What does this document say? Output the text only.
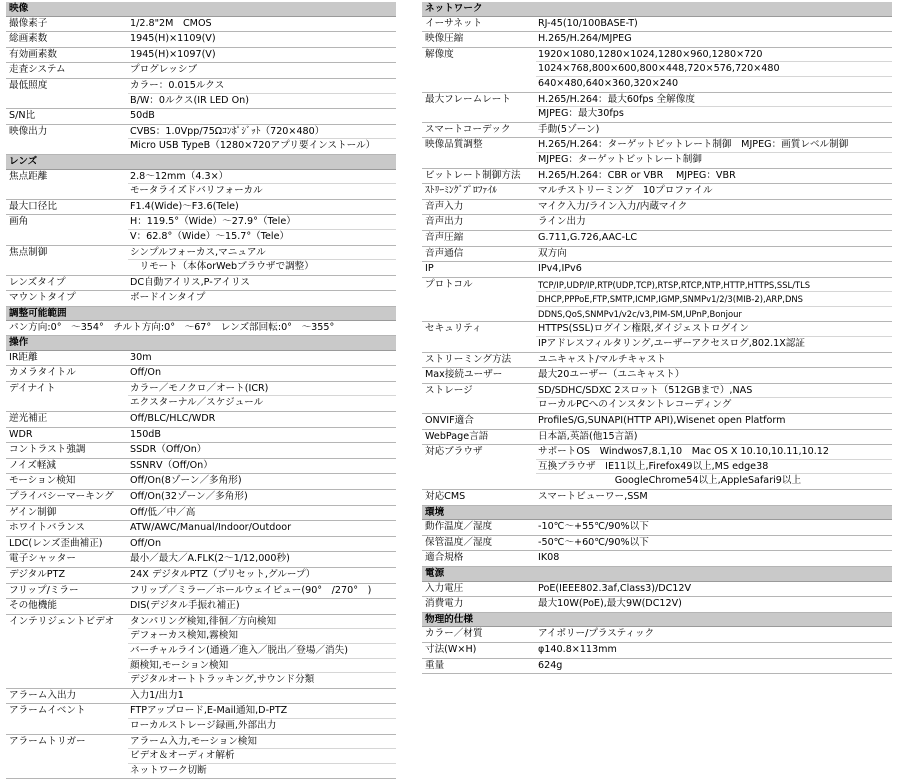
映像
撮像素子	1/2.8"2M　CMOS
総画素数	1945(H)×1109(V)
有効画素数	1945(H)×1097(V)
走査システム	プログレッシブ
最低照度	カラー：0.015ルクス
B/W：0ルクス(IR LED On)
S/N比	50dB
映像出力	CVBS：1.0Vpp/75Ωｺﾝﾎﾟｼﾞｯﾄ（720×480）
Micro USB TypeB（1280×720アプリ要インストール）
レンズ
焦点距離	2.8～12mm（4.3×）
モータライズドバリフォーカル
最大口径比	F1.4(Wide)～F3.6(Tele)
画角	H：119.5°（Wide）～27.9°（Tele）
V：62.8°（Wide）～15.7°（Tele）
焦点制御	シンプルフォーカス,マニュアル
　リモート（本体orWebブラウザで調整）
レンズタイプ	DC自動アイリス,P-アイリス
マウントタイプ	ボードインタイプ
調整可能範囲
パン方向:0°　～354°　チルト方向:0°　～67°　レンズ部回転:0°　～355°
操作
IR距離	30m
カメラタイトル	Off/On
デイナイト	カラー／モノクロ／オート(ICR)
エクスターナル／スケジュール
逆光補正	Off/BLC/HLC/WDR
WDR	150dB
コントラスト強調	SSDR（Off/On）
ノイズ軽減	SSNRⅤ（Off/On）
モーション検知	Off/On(8ゾーン／多角形)
プライバシーマーキング	Off/On(32ゾーン／多角形)
ゲイン制御	Off/低／中／高
ホワイトバランス	ATW/AWC/Manual/Indoor/Outdoor
LDC(レンズ歪曲補正)	Off/On
電子シャッター	最小／最大／A.FLK(2～1/12,000秒)
デジタルPTZ	24X デジタルPTZ（プリセット,グループ）
フリップ/ミラー	フリップ／ミラー／ホールウェイビュー(90°　/270°　)
その他機能	DIS(デジタル手振れ補正)
インテリジェントビデオ	タンパリング検知,徘徊／方向検知
デフォーカス検知,霧検知
バーチャルライン(通過／進入／脱出／登場／消失)
顔検知,モーション検知
デジタルオートトラッキング,サウンド分類
アラーム入出力	入力1/出力1
アラームイベント	FTPアップロード,E-Mail通知,D-PTZ
ローカルストレージ録画,外部出力
アラームトリガー	アラーム入力,モーション検知
ビデオ＆オーディオ解析
ネットワーク切断
ネットワーク
イーサネット	RJ-45(10/100BASE-T)
映像圧縮	H.265/H.264/MJPEG
解像度	1920×1080,1280×1024,1280×960,1280×720
1024×768,800×600,800×448,720×576,720×480
640×480,640×360,320×240
最大フレームレート	H.265/H.264：最大60fps 全解像度
MJPEG：最大30fps
スマートコーデック	手動(5ゾーン)
映像品質調整	H.265/H.264：ターゲットビットレート制御　MJPEG：画質レベル制御
MJPEG：ターゲットビットレート制御
ビットレート制御方法	H.265/H.264：CBR or VBR　 MJPEG：VBR
ｽﾄﾘｰﾐﾝｸﾞﾌﾟﾛﾌｧｲﾙ	マルチストリーミング　10プロファイル
音声入力	マイク入力/ライン入力/内蔵マイク
音声出力	ライン出力
音声圧縮	G.711,G.726,AAC-LC
音声通信	双方向
IP	IPv4,IPv6
プロトコル	TCP/IP,UDP/IP,RTP(UDP,TCP),RTSP,RTCP,NTP,HTTP,HTTPS,SSL/TLS
DHCP,PPPoE,FTP,SMTP,ICMP,IGMP,SNMPv1/2/3(MIB-2),ARP,DNS
DDNS,QoS,SNMPv1/v2c/v3,PIM-SM,UPnP,Bonjour
セキュリティ	HTTPS(SSL)ログイン権限,ダイジェストログイン
IPアドレスフィルタリング,ユーザーアクセスログ,802.1X認証
ストリーミング方法	ユニキャスト/マルチキャスト
Max接続ユーザー	最大20ユーザー（ユニキャスト）
ストレージ	SD/SDHC/SDXC 2スロット（512GBまで）,NAS
ローカルPCへのインスタントレコーディング
ONVIF適合	ProfileS/G,SUNAPI(HTTP API),Wisenet open Platform
WebPage言語	日本語,英語(他15言語)
対応ブラウザ	サポートOS　Windwos7,8.1,10　Mac OS X 10.10,10.11,10.12
互換ブラウザ　IE11以上,Firefox49以上,MS edge38
　　　　　　　　GoogleChrome54以上,AppleSafari9以上
対応CMS	スマートビューワー,SSM
環境
動作温度／湿度	-10℃～+55℃/90%以下
保管温度／湿度	-50℃～+60℃/90%以下
適合規格	IK08
電源
入力電圧	PoE(IEEE802.3af,Class3)/DC12V
消費電力	最大10W(PoE),最大9W(DC12V)
物理的仕様
カラー／材質	アイボリー/プラスティック
寸法(W×H)	φ140.8×113mm
重量	624g
